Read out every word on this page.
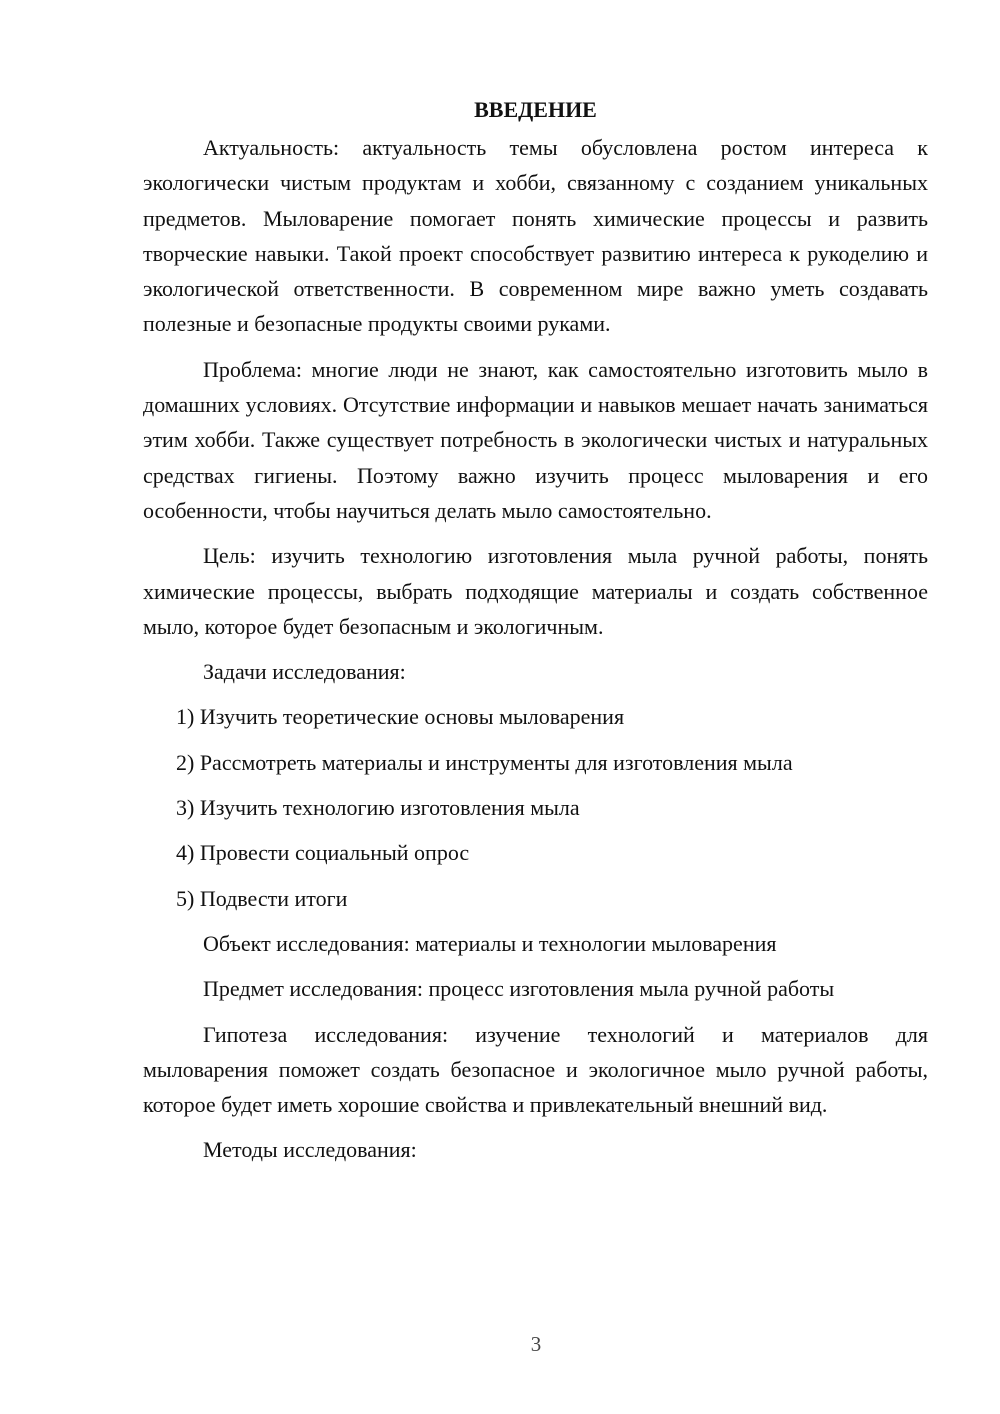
ВВЕДЕНИЕ

Актуальность: актуальность темы обусловлена ростом интереса к экологически чистым продуктам и хобби, связанному с созданием уникальных предметов. Мыловарение помогает понять химические процессы и развить творческие навыки. Такой проект способствует развитию интереса к рукоделию и экологической ответственности. В современном мире важно уметь создавать полезные и безопасные продукты своими руками.

Проблема: многие люди не знают, как самостоятельно изготовить мыло в домашних условиях. Отсутствие информации и навыков мешает начать заниматься этим хобби. Также существует потребность в экологически чистых и натуральных средствах гигиены. Поэтому важно изучить процесс мыловарения и его особенности, чтобы научиться делать мыло самостоятельно.

Цель: изучить технологию изготовления мыла ручной работы, понять химические процессы, выбрать подходящие материалы и создать собственное мыло, которое будет безопасным и экологичным.

Задачи исследования:

1) Изучить теоретические основы мыловарения
2) Рассмотреть материалы и инструменты для изготовления мыла
3) Изучить технологию изготовления мыла
4) Провести социальный опрос
5) Подвести итоги

Объект исследования: материалы и технологии мыловарения

Предмет исследования: процесс изготовления мыла ручной работы

Гипотеза исследования: изучение технологий и материалов для мыловарения поможет создать безопасное и экологичное мыло ручной работы, которое будет иметь хорошие свойства и привлекательный внешний вид.

Методы исследования:

3
